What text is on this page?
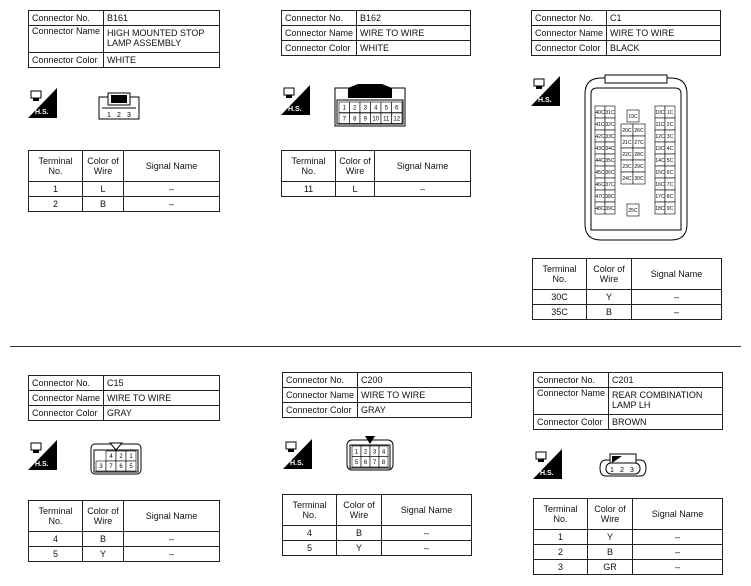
Connector No.	B161
Connector Name	HIGH MOUNTED STOP LAMP ASSEMBLY
Connector Color	WHITE
H.S.	1 2 3
Terminal No.	Color of Wire	Signal Name
1	L	–
2	B	–
Connector No.	B162
Connector Name	WIRE TO WIRE
Connector Color	WHITE
H.S.	1 2 3 4 5 6
7 8 9 10 11 12
Terminal No.	Color of Wire	Signal Name
11	L	–
Connector No.	C1
Connector Name	WIRE TO WIRE
Connector Color	BLACK
H.S.
40C 31C
41C 32C
42C 33C
43C 34C
44C 35C
45C 36C
46C 37C
47C 38C
48C 39C
19C
20C 26C
21C 27C
22C 28C
23C 29C
24C 30C
25C
10C 1C
11C 2C
12C 3C
13C 4C
14C 5C
15C 6C
16C 7C
17C 8C
18C 9C
Terminal No.	Color of Wire	Signal Name
30C	Y	–
35C	B	–
Connector No.	C15
Connector Name	WIRE TO WIRE
Connector Color	GRAY
H.S.
4 2 1
3 7 6 5
Terminal No.	Color of Wire	Signal Name
4	B	–
5	Y	–
Connector No.	C200
Connector Name	WIRE TO WIRE
Connector Color	GRAY
H.S.
1 2 3 4
5 6 7 8
Terminal No.	Color of Wire	Signal Name
4	B	–
5	Y	–
Connector No.	C201
Connector Name	REAR COMBINATION LAMP LH
Connector Color	BROWN
H.S.	1 2 3
Terminal No.	Color of Wire	Signal Name
1	Y	–
2	B	–
3	GR	–
